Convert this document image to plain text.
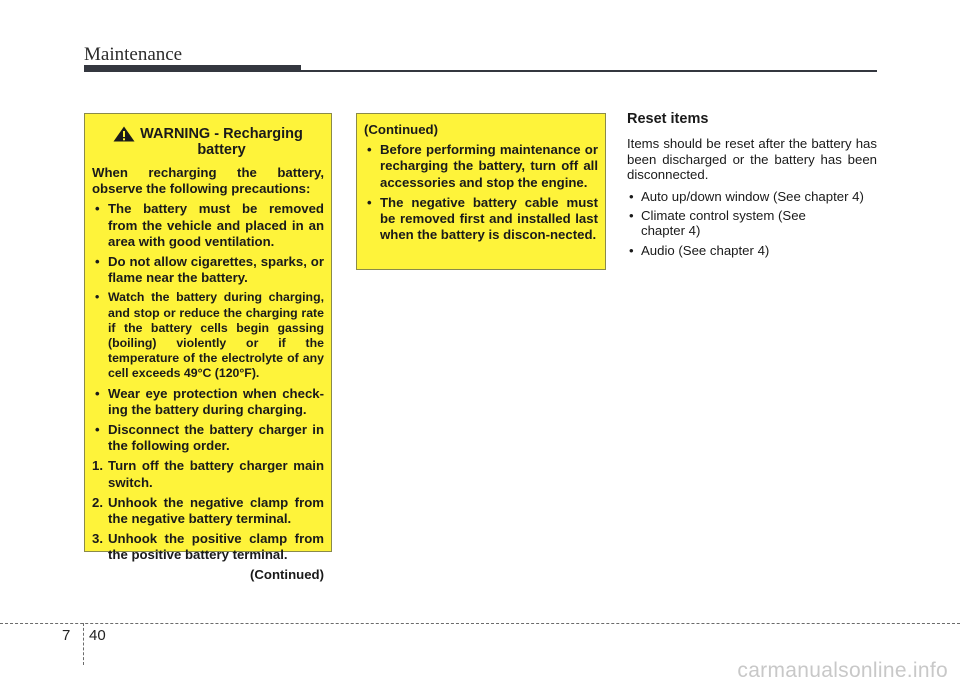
Maintenance
WARNING - Recharging
battery
When recharging the battery, observe the following precautions:
• The battery must be removed from the vehicle and placed in an area with good ventilation.
• Do not allow cigarettes, sparks, or flame near the battery.
• Watch the battery during charging, and stop or reduce the charging rate if the battery cells begin gassing (boiling) violently or if the temperature of the electrolyte of any cell exceeds 49°C (120°F).
• Wear eye protection when check-ing the battery during charging.
• Disconnect the battery charger in the following order.
1. Turn off the battery charger main switch.
2. Unhook the negative clamp from the negative battery terminal.
3. Unhook the positive clamp from the positive battery terminal.
(Continued)
(Continued)
• Before performing maintenance or recharging the battery, turn off all accessories and stop the engine.
• The negative battery cable must be removed first and installed last when the battery is discon-nected.
Reset items
Items should be reset after the battery has been discharged or the battery has been disconnected.
• Auto up/down window (See chapter 4)
• Climate control system (See chapter 4)
• Audio (See chapter 4)
7 40
carmanualsonline.info
